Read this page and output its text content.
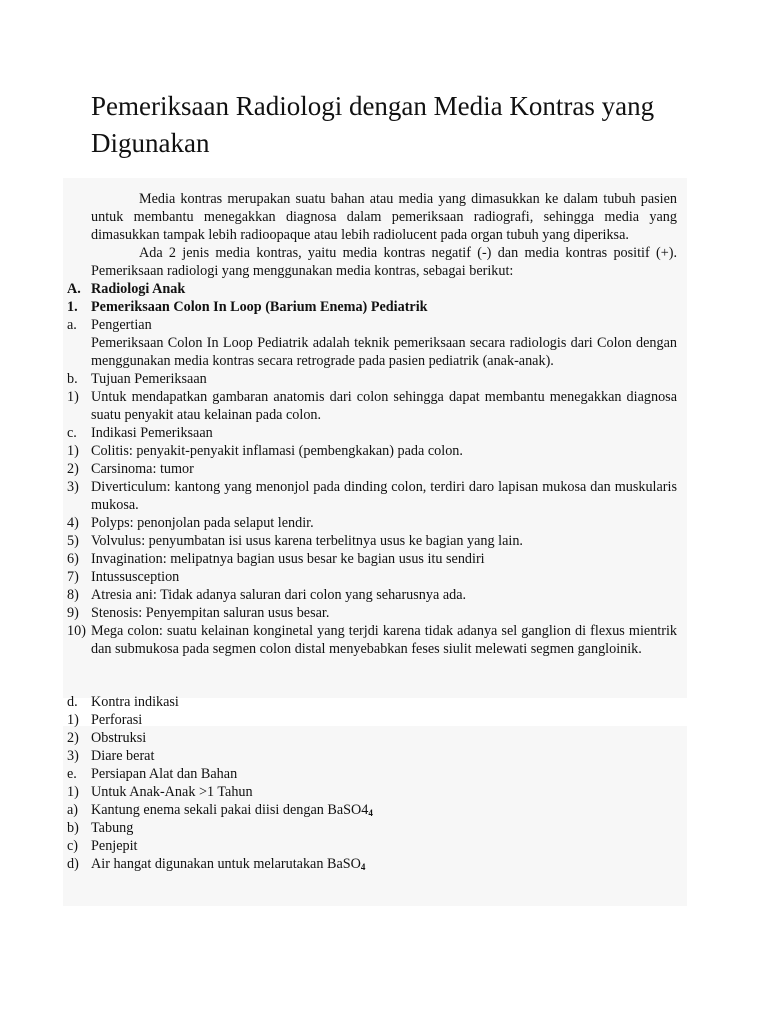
Pemeriksaan Radiologi dengan Media Kontras yang Digunakan

Media kontras merupakan suatu bahan atau media yang dimasukkan ke dalam tubuh pasien untuk membantu menegakkan diagnosa dalam pemeriksaan radiografi, sehingga media yang dimasukkan tampak lebih radioopaque atau lebih radiolucent pada organ tubuh yang diperiksa.

Ada 2 jenis media kontras, yaitu media kontras negatif (-) dan media kontras positif (+). Pemeriksaan radiologi yang menggunakan media kontras, sebagai berikut:

A. Radiologi Anak
1. Pemeriksaan Colon In Loop (Barium Enema) Pediatrik
a. Pengertian

Pemeriksaan Colon In Loop Pediatrik adalah teknik pemeriksaan secara radiologis dari Colon dengan menggunakan media kontras secara retrograde pada pasien pediatrik (anak-anak).

b. Tujuan Pemeriksaan
1) Untuk mendapatkan gambaran anatomis dari colon sehingga dapat membantu menegakkan diagnosa suatu penyakit atau kelainan pada colon.
c. Indikasi Pemeriksaan
1) Colitis: penyakit-penyakit inflamasi (pembengkakan) pada colon.
2) Carsinoma: tumor
3) Diverticulum: kantong yang menonjol pada dinding colon, terdiri daro lapisan mukosa dan muskularis mukosa.
4) Polyps: penonjolan pada selaput lendir.
5) Volvulus: penyumbatan isi usus karena terbelitnya usus ke bagian yang lain.
6) Invagination: melipatnya bagian usus besar ke bagian usus itu sendiri
7) Intussusception
8) Atresia ani: Tidak adanya saluran dari colon yang seharusnya ada.
9) Stenosis: Penyempitan saluran usus besar.
10) Mega colon: suatu kelainan konginetal yang terjdi karena tidak adanya sel ganglion di flexus mientrik dan submukosa pada segmen colon distal menyebabkan feses siulit melewati segmen gangloinik.
d. Kontra indikasi
1) Perforasi
2) Obstruksi
3) Diare berat
e. Persiapan Alat dan Bahan
1) Untuk Anak-Anak >1 Tahun
a) Kantung enema sekali pakai diisi dengan $BaSO4_4$
b) Tabung
c) Penjepit
d) Air hangat digunakan untuk melarutakan BaSO$_4$
